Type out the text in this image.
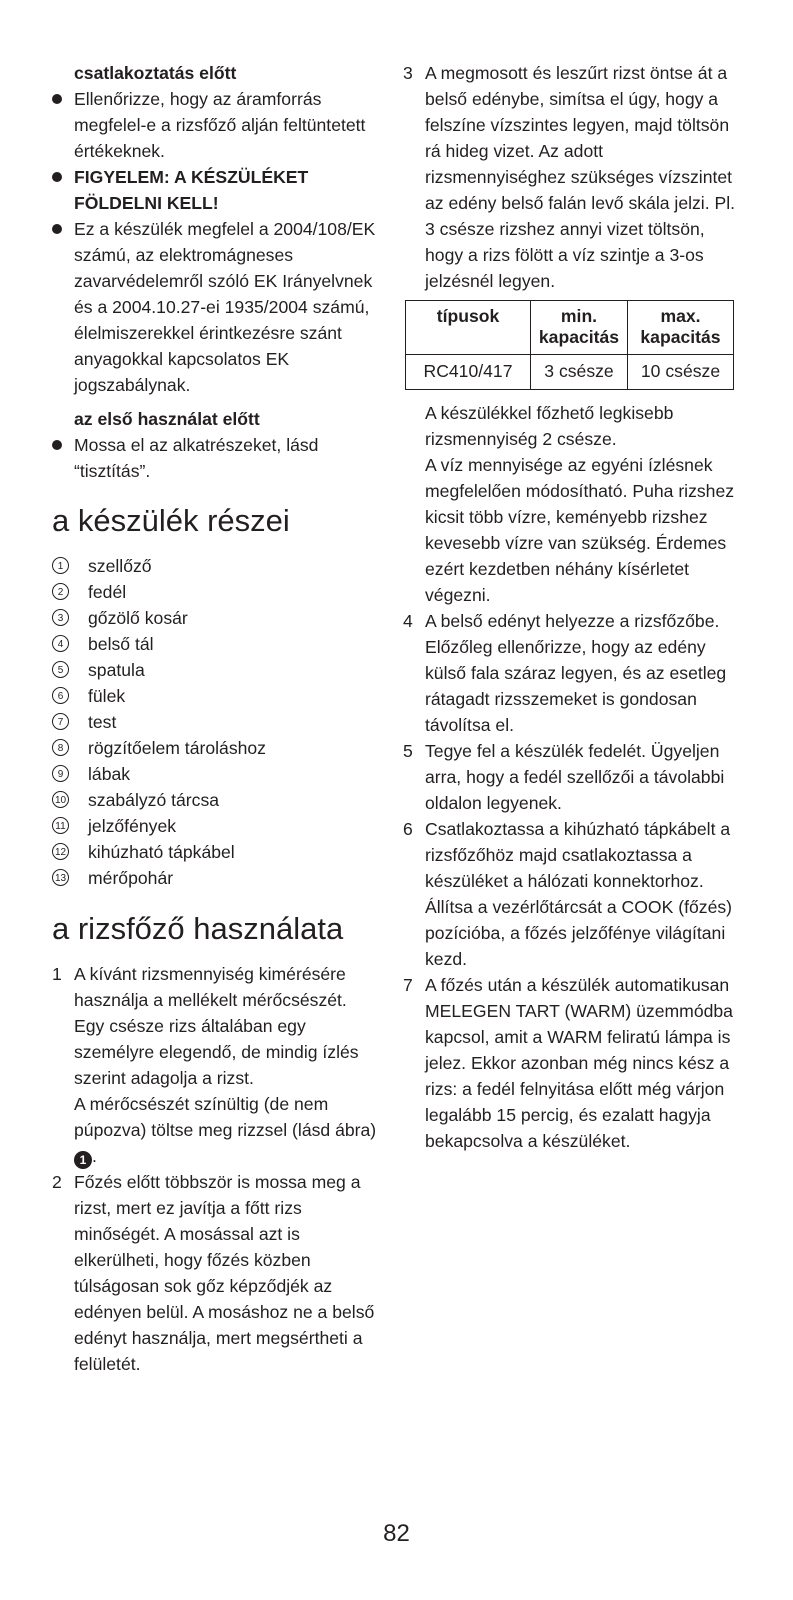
csatlakoztatás előtt

Ellenőrizze, hogy az áramforrás megfelel-e a rizsfőző alján feltüntetett értékeknek.
FIGYELEM: A KÉSZÜLÉKET FÖLDELNI KELL!
Ez a készülék megfelel a 2004/108/EK számú, az elektromágneses zavarvédelemről szóló EK Irányelvnek és a 2004.10.27-ei 1935/2004 számú, élelmiszerekkel érintkezésre szánt anyagokkal kapcsolatos EK jogszabálynak.

az első használat előtt

Mossa el az alkatrészeket, lásd “tisztítás”.
a készülék részei
1	szellőző
2	fedél
3	gőzölő kosár
4	belső tál
5	spatula
6	fülek
7	test
8	rögzítőelem tároláshoz
9	lábak
10 szabályzó tárcsa
11 jelzőfények
12 kihúzható tápkábel
13 mérőpohár
a rizsfőző használata
1 A kívánt rizsmennyiség kimérésére használja a mellékelt mérőcsészét. Egy csésze rizs általában egy személyre elegendő, de mindig ízlés szerint adagolja a rizst.
A mérőcsészét színültig (de nem púpozva) töltse meg rizzsel (lásd ábra) 1 .
2 Főzés előtt többször is mossa meg a rizst, mert ez javítja a főtt rizs minőségét. A mosással azt is elkerülheti, hogy főzés közben túlságosan sok gőz képződjék az edényen belül. A mosáshoz ne a belső edényt használja, mert megsértheti a felületét.
3 A megmosott és leszűrt rizst öntse át a belső edénybe, simítsa el úgy, hogy a felszíne vízszintes legyen, majd töltsön rá hideg vizet. Az adott rizsmennyiséghez szükséges vízszintet az edény belső falán levő skála jelzi. Pl. 3 csésze rizshez annyi vizet töltsön, hogy a rizs fölött a víz szintje a 3-os jelzésnél legyen.
típusok	min. kapacitás	max. kapacitás
RC410/417	3 csésze	10 csésze

A készülékkel főzhető legkisebb rizsmennyiség 2 csésze.

A víz mennyisége az egyéni ízlésnek megfelelően módosítható. Puha rizshez kicsit több vízre, keményebb rizshez kevesebb vízre van szükség. Érdemes ezért kezdetben néhány kísérletet végezni.

4 A belső edényt helyezze a rizsfőzőbe. Előzőleg ellenőrizze, hogy az edény külső fala száraz legyen, és az esetleg rátagadt rizsszemeket is gondosan távolítsa el.
5 Tegye fel a készülék fedelét. Ügyeljen arra, hogy a fedél szellőzői a távolabbi oldalon legyenek.
6 Csatlakoztassa a kihúzható tápkábelt a rizsfőzőhöz majd csatlakoztassa a készüléket a hálózati konnektorhoz. Állítsa a vezérlőtárcsát a COOK (főzés) pozícióba, a főzés jelzőfénye világítani kezd.
7 A főzés után a készülék automatikusan MELEGEN TART (WARM) üzemmódba kapcsol, amit a WARM feliratú lámpa is jelez. Ekkor azonban még nincs kész a rizs: a fedél felnyitása előtt még várjon legalább 15 percig, és ezalatt hagyja bekapcsolva a készüléket.
82
